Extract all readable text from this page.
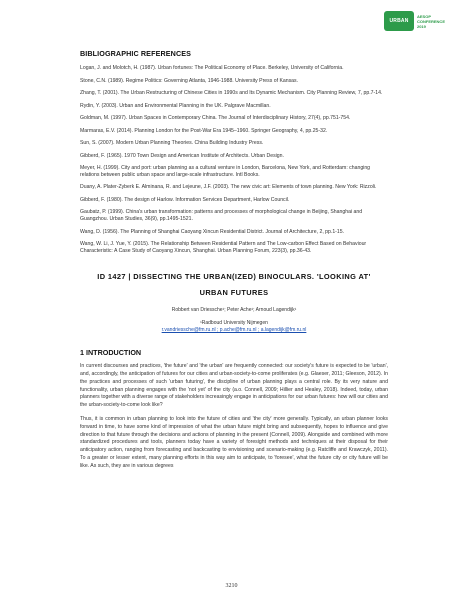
URBAN
AESOP
CONFERENCE
2019
BIBLIOGRAPHIC REFERENCES
Logan, J. and Molotch, H. (1987). Urban fortunes: The Political Economy of Place. Berkeley, University of California.
Stone, C.N. (1989). Regime Politics: Governing Atlanta, 1946-1988. University Press of Kansas.
Zhang, T. (2001). The Urban Restructuring of Chinese Cities in 1990s and Its Dynamic Mechanism. City Planning Review, 7, pp.7-14.
Rydin, Y. (2003). Urban and Environmental Planning in the UK. Palgrave Macmillan.
Goldman, M. (1997). Urban Spaces in Contemporary China. The Journal of Interdisciplinary History, 27(4), pp.751-754.
Marmaras, E.V. (2014). Planning London for the Post-War Era 1945–1960. Springer Geography, 4, pp.25-32.
Sun, S. (2007). Modern Urban Planning Theories. China Building Industry Press.
Gibberd, F. (1965). 1970 Town Design and American Institute of Architects. Urban Design.
Meyer, H. (1999). City and port: urban planning as a cultural venture in London, Barcelona, New York, and Rotterdam: changing relations between public urban space and large-scale infrastructure. Intl Books.
Duany, A. Plater-Zyberk E. Alminana, R. and Lejeune, J.F. (2003). The new civic art: Elements of town planning. New York: Rizzoli.
Gibberd, F. (1980). The design of Harlow. Information Services Department, Harlow Council.
Gaubatz, P. (1999). China's urban transformation: patterns and processes of morphological change in Beijing, Shanghai and Guangzhou. Urban Studies, 36(9), pp.1495-1521.
Wang, D. (1956). The Planning of Shanghai Caoyang Xincun Residential District. Journal of Architecture, 2, pp.1-15.
Wang, W. Li, J. Yue, Y. (2015). The Relationship Between Residential Pattern and The Low-carbon Effect Based on Behaviour Characteristic: A Case Study of Caoyang Xincun, Shanghai. Urban Planning Forum, 223(3), pp.36-43.
ID 1427 | DISSECTING THE URBAN(IZED) BINOCULARS. 'LOOKING AT'
URBAN FUTURES
Robbert van Driessche¹; Peter Ache¹; Arnoud Lagendijk¹
¹Radboud University Nijmegen
r.vandriessche@fm.ru.nl ; p.ache@fm.ru.nl ; a.lagendijk@fm.ru.nl
1 INTRODUCTION

In current discourses and practices, 'the future' and 'the urban' are frequently connected: our society's future is expected to be 'urban', and, accordingly, the anticipation of futures for our cities and urban-society-to-come proliferates (e.g. Glaeser, 2011; Gleeson, 2012). In the practices and processes of such 'urban futuring', the discipline of urban planning plays a central role. By its very nature and functionality, urban planning engages with the 'not yet' of the city (a.o. Connell, 2009; Hillier and Healey, 2018). Indeed, today, urban planners together with a diverse range of stakeholders increasingly engage in anticipations for our urban futures: how will our cities and the urban-society-to-come look like?

Thus, it is common in urban planning to look into the future of cities and 'the city' more generally. Typically, an urban planner looks forward in time, to have some kind of impression of what the urban future might bring and subsequently, hopes to influence and give direction to that future through the decisions and actions of planning in the present (Connell, 2009). Alongside and combined with more standardized procedures and tools, planners today have a variety of foresight methods and techniques at their disposal for their anticipatory action, ranging from forecasting and backcasting to envisioning and scenario-making (e.g. Ratcliffe and Krawczyk, 2011). To a greater or lesser extent, many planning efforts in this way aim to anticipate, to 'foresee', what the future city or city future will be like. As such, they are in various degrees

3210
